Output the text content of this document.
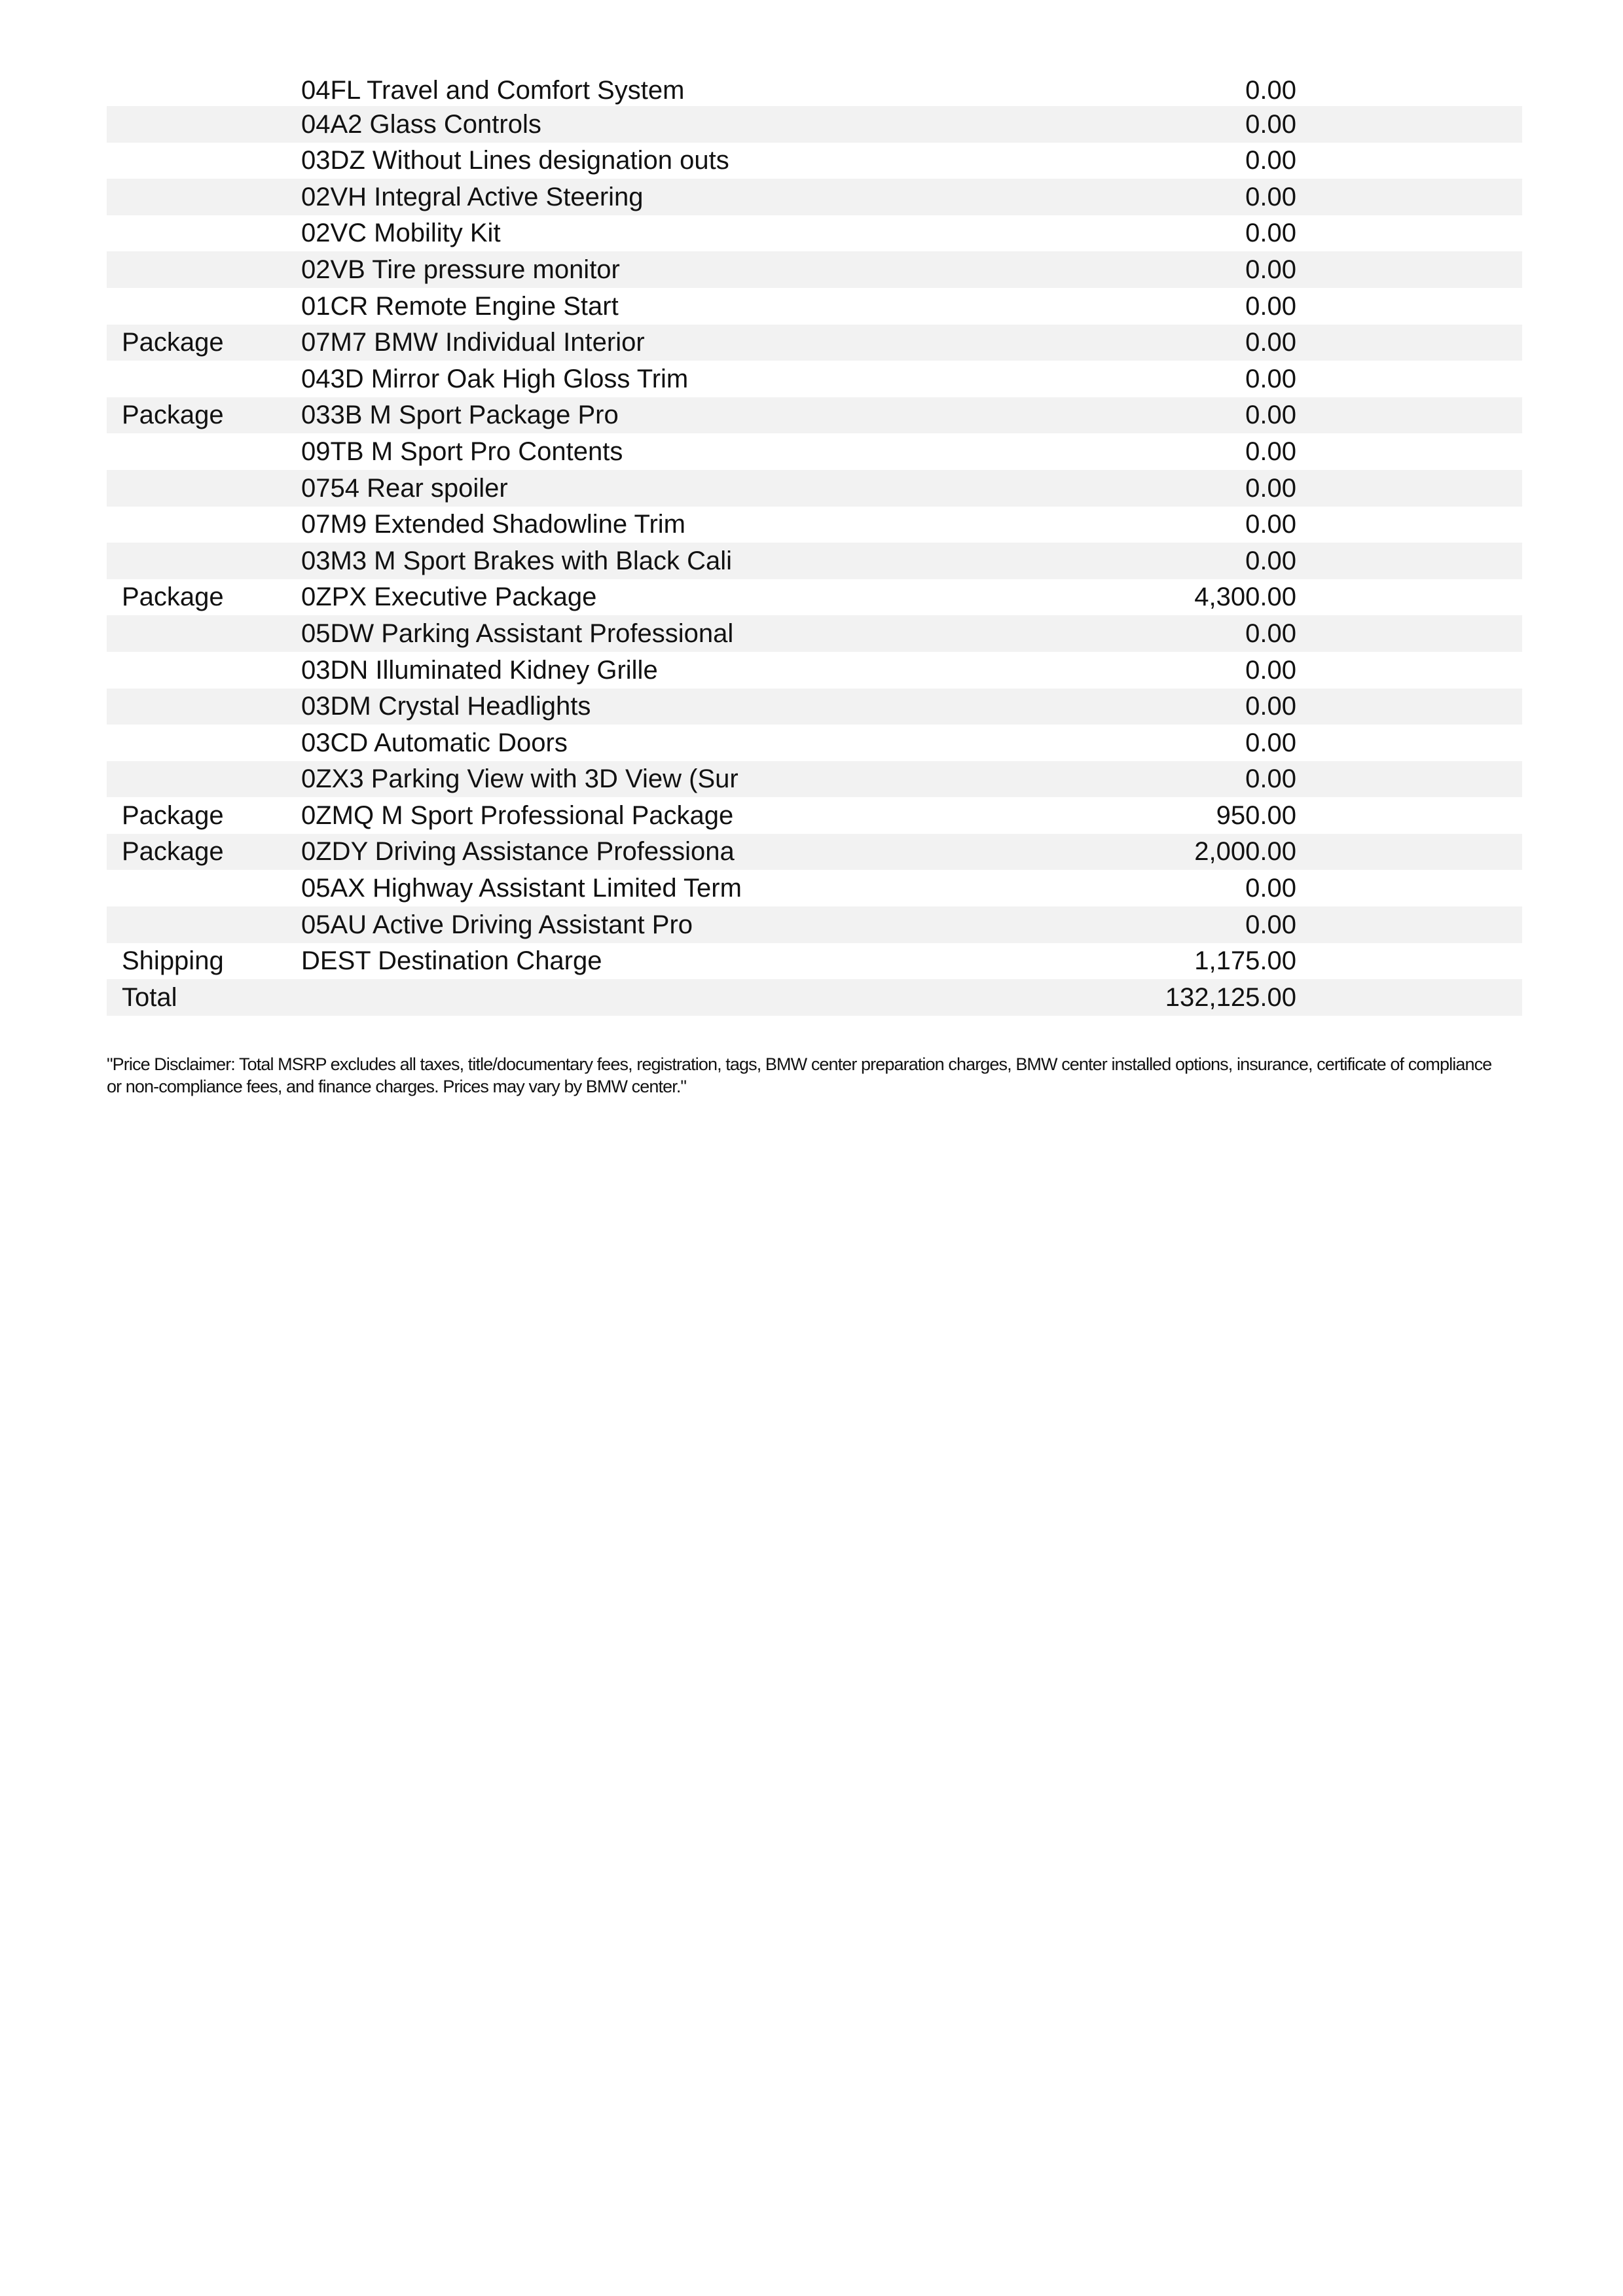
	04FL Travel and Comfort System	0.00	
	04A2 Glass Controls	0.00	
	03DZ Without Lines designation outs	0.00	
	02VH Integral Active Steering	0.00	
	02VC Mobility Kit	0.00	
	02VB Tire pressure monitor	0.00	
	01CR Remote Engine Start	0.00	
Package	07M7 BMW Individual Interior	0.00	
	043D Mirror Oak High Gloss Trim	0.00	
Package	033B M Sport Package Pro	0.00	
	09TB M Sport Pro Contents	0.00	
	0754 Rear spoiler	0.00	
	07M9 Extended Shadowline Trim	0.00	
	03M3 M Sport Brakes with Black Cali	0.00	
Package	0ZPX Executive Package	4,300.00	
	05DW Parking Assistant Professional	0.00	
	03DN Illuminated Kidney Grille	0.00	
	03DM Crystal Headlights	0.00	
	03CD Automatic Doors	0.00	
	0ZX3 Parking View with 3D View (Sur	0.00	
Package	0ZMQ M Sport Professional Package	950.00	
Package	0ZDY Driving Assistance Professiona	2,000.00	
	05AX Highway Assistant Limited Term	0.00	
	05AU Active Driving Assistant Pro	0.00	
Shipping	DEST Destination Charge	1,175.00	
Total		132,125.00	

"Price Disclaimer: Total MSRP excludes all taxes, title/documentary fees, registration, tags, BMW center preparation charges, BMW center installed options, insurance, certificate of compliance or non-compliance fees, and finance charges. Prices may vary by BMW center."
